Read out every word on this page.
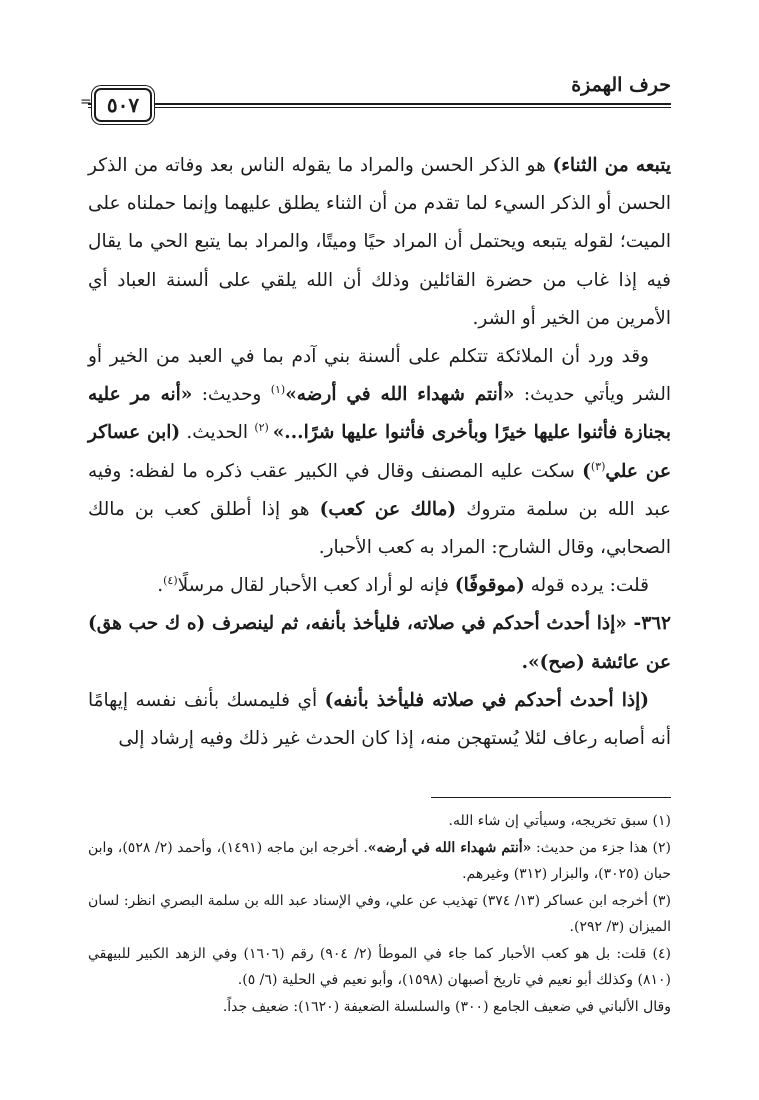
حرف الهمزة
= ٥٠٧

يتبعه من الثناء) هو الذكر الحسن والمراد ما يقوله الناس بعد وفاته من الذكر الحسن أو الذكر السيء لما تقدم من أن الثناء يطلق عليهما وإنما حملناه على الميت؛ لقوله يتبعه ويحتمل أن المراد حيًا وميتًا، والمراد بما يتبع الحي ما يقال فيه إذا غاب من حضرة القائلين وذلك أن الله يلقي على ألسنة العباد أي الأمرين من الخير أو الشر.

وقد ورد أن الملائكة تتكلم على ألسنة بني آدم بما في العبد من الخير أو الشر ويأتي حديث: «أنتم شهداء الله في أرضه»$^{(١)}$ وحديث: «أنه مر عليه بجنازة فأثنوا عليها خيرًا وبأخرى فأثنوا عليها شرًا...» $^{(٢)}$ الحديث. (ابن عساكر عن علي$^{(٣)}$) سكت عليه المصنف وقال في الكبير عقب ذكره ما لفظه: وفيه عبد الله بن سلمة متروك (مالك عن كعب) هو إذا أطلق كعب بن مالك الصحابي، وقال الشارح: المراد به كعب الأحبار.

قلت: يرده قوله (موقوفًا) فإنه لو أراد كعب الأحبار لقال مرسلًا$^{(٤)}$.

٣٦٢- «إذا أحدث أحدكم في صلاته، فليأخذ بأنفه، ثم لينصرف (ه ك حب هق) عن عائشة (صح)».

(إذا أحدث أحدكم في صلاته فليأخذ بأنفه) أي فليمسك بأنف نفسه إيهامًا أنه أصابه رعاف لئلا يُستهجن منه، إذا كان الحدث غير ذلك وفيه إرشاد إلى

(١) سبق تخريجه، وسيأتي إن شاء الله.

(٢) هذا جزء من حديث: «أنتم شهداء الله في أرضه». أخرجه ابن ماجه (١٤٩١)، وأحمد (٢/ ٥٢٨)، وابن حبان (٣٠٢٥)، والبزار (٣١٢) وغيرهم.

(٣) أخرجه ابن عساكر (١٣/ ٣٧٤) تهذيب عن علي، وفي الإسناد عبد الله بن سلمة البصري انظر: لسان الميزان (٣/ ٢٩٢).

(٤) قلت: بل هو كعب الأحبار كما جاء في الموطأ (٢/ ٩٠٤) رقم (١٦٠٦) وفي الزهد الكبير للبيهقي (٨١٠) وكذلك أبو نعيم في تاريخ أصبهان (١٥٩٨)، وأبو نعيم في الحلية (٦/ ٥).

وقال الألباني في ضعيف الجامع (٣٠٠) والسلسلة الضعيفة (١٦٢٠): ضعيف جداً.
